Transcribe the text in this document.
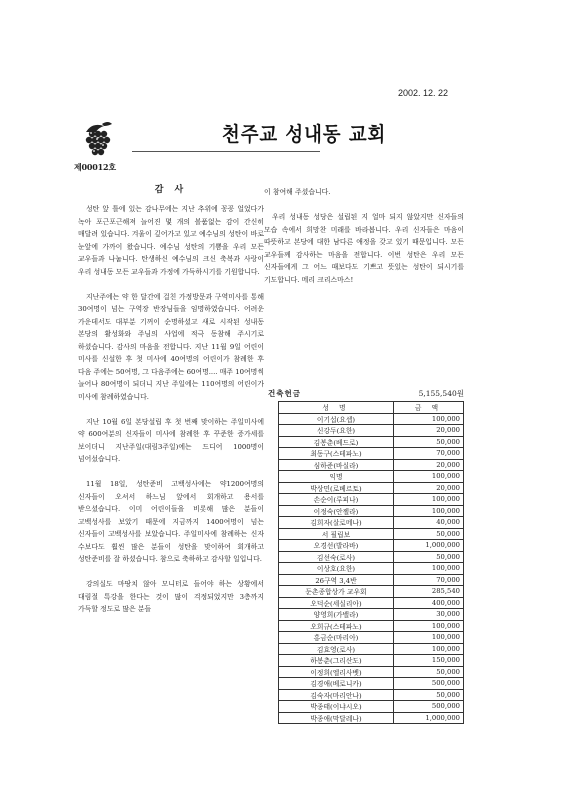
2002. 12. 22
제00012호
천주교 성내동 교회
감 사

성탄 앞 틀에 있는 감나무에는 지난 추위에 꽁꽁 얼었다가 녹아 포근포근해져 늘어진 몇 개의 볼품없는 감이 간신히 매달려 있습니다. 겨울이 깊어가고 있고 예수님의 성탄이 바로 눈앞에 가까이 왔습니다. 예수님 성탄의 기쁨을 우리 모든 교우들과 나눕니다. 탄생하신 예수님의 크신 축복과 사랑이 우리 성내동 모든 교우들과 가정에 가득하시기를 기원합니다.

지난주에는 약 한 달간에 걸친 가정방문과 구역미사를 통해 30여명이 넘는 구역장 반장님들을 임명하였습니다. 어려운 가운데서도 대부분 기꺼이 순명하셨고 새로 시작된 성내동 본당의 활성화와 주님의 사업에 적극 동참해 주시기로 하셨습니다. 감사의 마음을 전합니다. 지난 11월 9일 어린이 미사를 신설한 후 첫 미사에 40여명의 어린이가 참례한 후 다음 주에는 50여명, 그 다음주에는 60여명.... 매주 10여명씩 늘어나 80여명이 되더니 지난 주일에는 110여명의 어린이가 미사에 참례하였습니다.

지난 10월 6일 본당설립 후 첫 번째 맞이하는 주일미사에 약 600여분의 신자들이 미사에 참례한 후 꾸준한 증가세를 보이더니 지난주일(대림3주일)에는 드디어 1000명이 넘어섰습니다.

11월 18일, 성탄준비 고백성사에는 약1200여명의 신자들이 오셔서 하느님 앞에서 회개하고 용서를 받으셨습니다. 이미 어린이들을 비롯해 많은 분들이 고백성사를 보았기 때문에 지금까지 1400여명이 넘는 신자들이 고백성사를 보았습니다. 주일미사에 참례하는 신자 수보다도 훨씬 많은 분들이 성탄을 맞이하여 회개하고 성탄준비를 잘 하셨습니다. 참으로 축하하고 감사할 일입니다.

강의실도 마땅치 않아 모니터로 들어야 하는 상황에서 대림절 특강을 한다는 것이 많이 걱정되었지만 3층까지 가득할 정도로 많은 분들

이 참여해 주셨습니다.

우리 성내동 성당은 설립된 지 얼마 되지 않았지만 신자들의 모습 속에서 희망찬 미래를 바라봅니다. 우리 신자들은 마음이 따뜻하고 본당에 대한 남다른 애정을 갖고 있기 때문입니다. 모든 교우들께 감사하는 마음을 전합니다. 이번 성탄은 우리 모든 신자들에게 그 어느 때보다도 기쁘고 뜻있는 성탄이 되시기를 기도합니다. 메리 크리스마스!

건축헌금	5,155,540원
성 명	금 액
이기섭(요셉)	100,000
신강두(요한)	20,000
김봉춘(베드로)	50,000
최동구(스테파노)	70,000
심하준(바실라)	20,000
익명	100,000
박상민(로베르토)	20,000
손순이(루피나)	100,000
이정숙(안젤라)	100,000
김희자(살로메나)	40,000
서 필립보	50,000
오경선(발라바)	1,000,000
김선숙(로사)	50,000
이상호(요한)	100,000
26구역 3,4반	70,000
둔촌종합상가 교우회	285,540
오덕순(세실리아)	400,000
양영희(가밸라)	30,000
오희규(스테파노)	100,000
홍금순(마리아)	100,000
김효영(로사)	100,000
하봉춘(그리산도)	150,000
이정희(엘리사벳)	50,000
김경애(베로니카)	500,000
김숙자(마리안나)	50,000
박종태(이냐시오)	500,000
박종애(막달레나)	1,000,000
